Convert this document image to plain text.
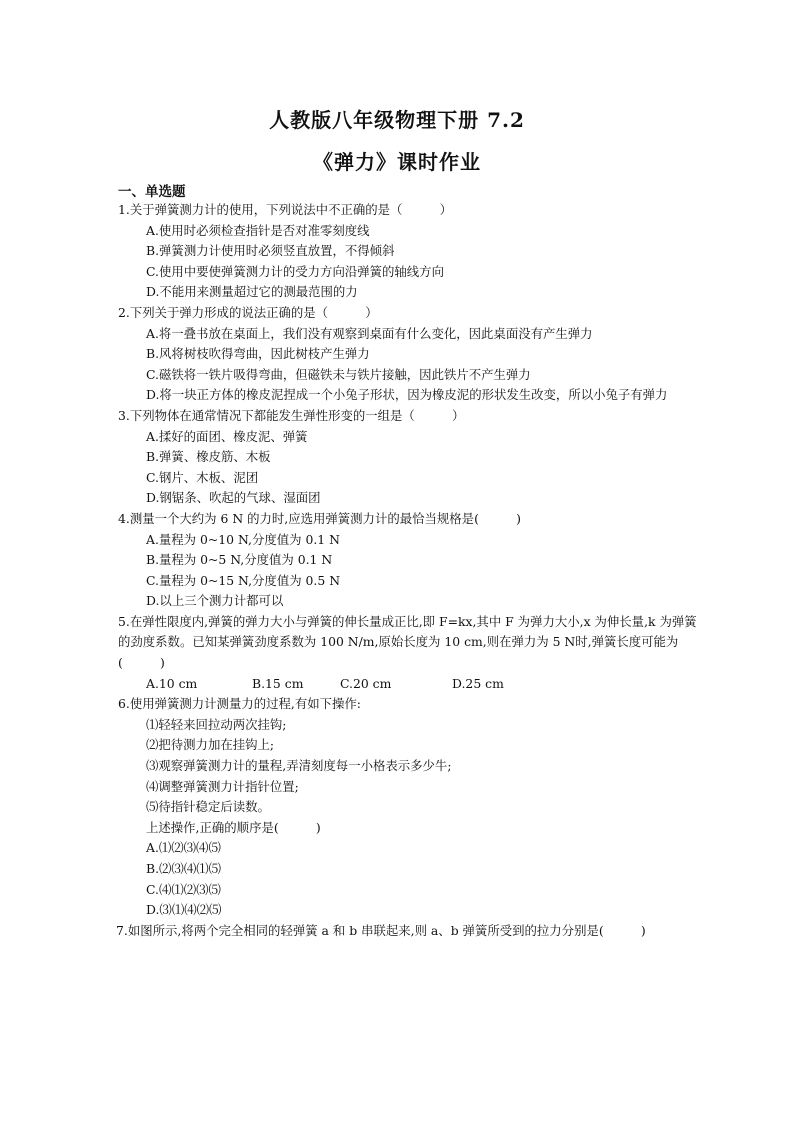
人教版八年级物理下册 7.2
《弹力》课时作业
一、单选题

1.关于弹簧测力计的使用，下列说法中不正确的是（　　　）

A.使用时必须检查指针是否对准零刻度线

B.弹簧测力计使用时必须竖直放置，不得倾斜

C.使用中要使弹簧测力计的受力方向沿弹簧的轴线方向

D.不能用来测量超过它的测最范围的力

2.下列关于弹力形成的说法正确的是（　　　）

A.将一叠书放在桌面上，我们没有观察到桌面有什么变化，因此桌面没有产生弹力

B.风将树枝吹得弯曲，因此树枝产生弹力

C.磁铁将一铁片吸得弯曲，但磁铁未与铁片接触，因此铁片不产生弹力

D.将一块正方体的橡皮泥捏成一个小兔子形状，因为橡皮泥的形状发生改变，所以小兔子有弹力

3.下列物体在通常情况下都能发生弹性形变的一组是（　　　）

A.揉好的面团、橡皮泥、弹簧

B.弹簧、橡皮筋、木板

C.钢片、木板、泥团

D.钢锯条、吹起的气球、湿面团

4.测量一个大约为 6 N 的力时,应选用弹簧测力计的最恰当规格是(　　　)

A.量程为 0~10 N,分度值为 0.1 N

B.量程为 0~5 N,分度值为 0.1 N

C.量程为 0~15 N,分度值为 0.5 N

D.以上三个测力计都可以

5.在弹性限度内,弹簧的弹力大小与弹簧的伸长量成正比,即 F=kx,其中 F 为弹力大小,x 为伸长量,k 为弹簧的劲度系数。已知某弹簧劲度系数为 100 N/m,原始长度为 10 cm,则在弹力为 5 N时,弹簧长度可能为(　　　)

A.10 cm	B.15 cm	C.20 cm	D.25 cm

6.使用弹簧测力计测量力的过程,有如下操作:

⑴轻轻来回拉动两次挂钩;

⑵把待测力加在挂钩上;

⑶观察弹簧测力计的量程,弄清刻度每一小格表示多少牛;

⑷调整弹簧测力计指针位置;

⑸待指针稳定后读数。

上述操作,正确的顺序是(　　　)

A.⑴⑵⑶⑷⑸

B.⑵⑶⑷⑴⑸

C.⑷⑴⑵⑶⑸

D.⑶⑴⑷⑵⑸

7.如图所示,将两个完全相同的轻弹簧 a 和 b 串联起来,则 a、b 弹簧所受到的拉力分别是(　　　)
